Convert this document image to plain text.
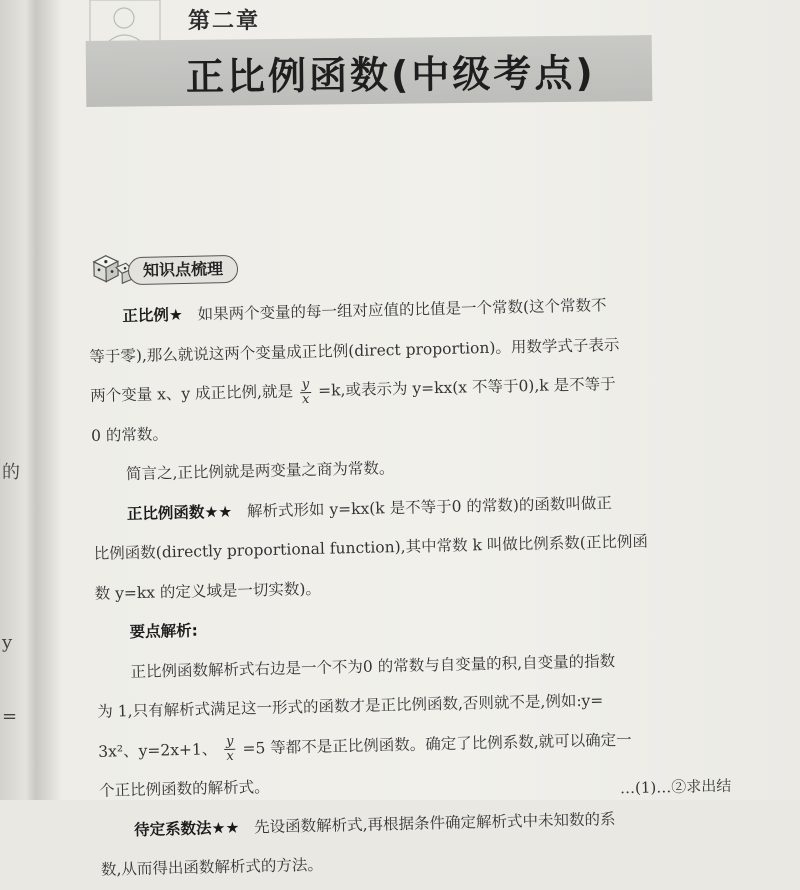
的
y
=
第二章
正比例函数(中级考点)
知识点梳理
正比例★ 如果两个变量的每一组对应值的比值是一个常数(这个常数不
等于零),那么就说这两个变量成正比例(direct proportion)。用数学式子表示
两个变量 x、y 成正比例,就是 $\frac{y}{x} =k$,或表示为 y=kx(x 不等于0),k 是不等于
0 的常数。
简言之,正比例就是两变量之商为常数。
正比例函数★★ 解析式形如 y=kx(k 是不等于0 的常数)的函数叫做正
比例函数(directly proportional function),其中常数 k 叫做比例系数(正比例函
数 y=kx 的定义域是一切实数)。
要点解析:
正比例函数解析式右边是一个不为0 的常数与自变量的积,自变量的指数
为 1,只有解析式满足这一形式的函数才是正比例函数,否则就不是,例如:y=
3x²、y=2x+1、 $\frac{y}{x} =5$ 等都不是正比例函数。确定了比例系数,就可以确定一
个正比例函数的解析式。
待定系数法★★ 先设函数解析式,再根据条件确定解析式中未知数的系
数,从而得出函数解析式的方法。
…(1)…②求出结
